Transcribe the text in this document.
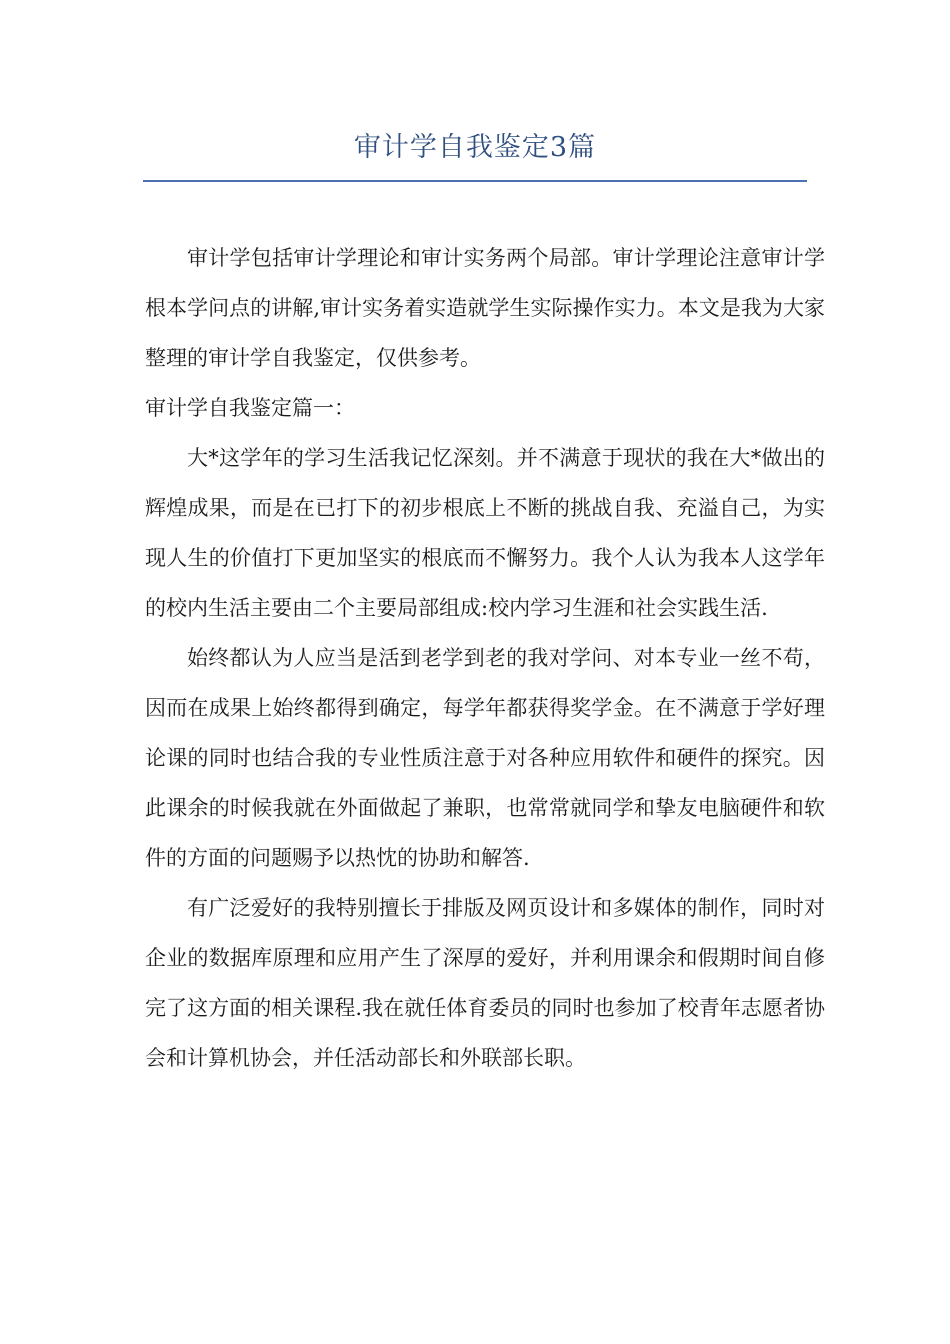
审计学自我鉴定3篇

审计学包括审计学理论和审计实务两个局部。审计学理论注意审计学根本学问点的讲解,审计实务着实造就学生实际操作实力。本文是我为大家整理的审计学自我鉴定，仅供参考。

审计学自我鉴定篇一：

大*这学年的学习生活我记忆深刻。并不满意于现状的我在大*做出的辉煌成果，而是在已打下的初步根底上不断的挑战自我、充溢自己，为实现人生的价值打下更加坚实的根底而不懈努力。我个人认为我本人这学年的校内生活主要由二个主要局部组成:校内学习生涯和社会实践生活.

始终都认为人应当是活到老学到老的我对学问、对本专业一丝不苟，因而在成果上始终都得到确定，每学年都获得奖学金。在不满意于学好理论课的同时也结合我的专业性质注意于对各种应用软件和硬件的探究。因此课余的时候我就在外面做起了兼职，也常常就同学和挚友电脑硬件和软件的方面的问题赐予以热忱的协助和解答.

有广泛爱好的我特别擅长于排版及网页设计和多媒体的制作，同时对企业的数据库原理和应用产生了深厚的爱好，并利用课余和假期时间自修完了这方面的相关课程.我在就任体育委员的同时也参加了校青年志愿者协会和计算机协会，并任活动部长和外联部长职。
